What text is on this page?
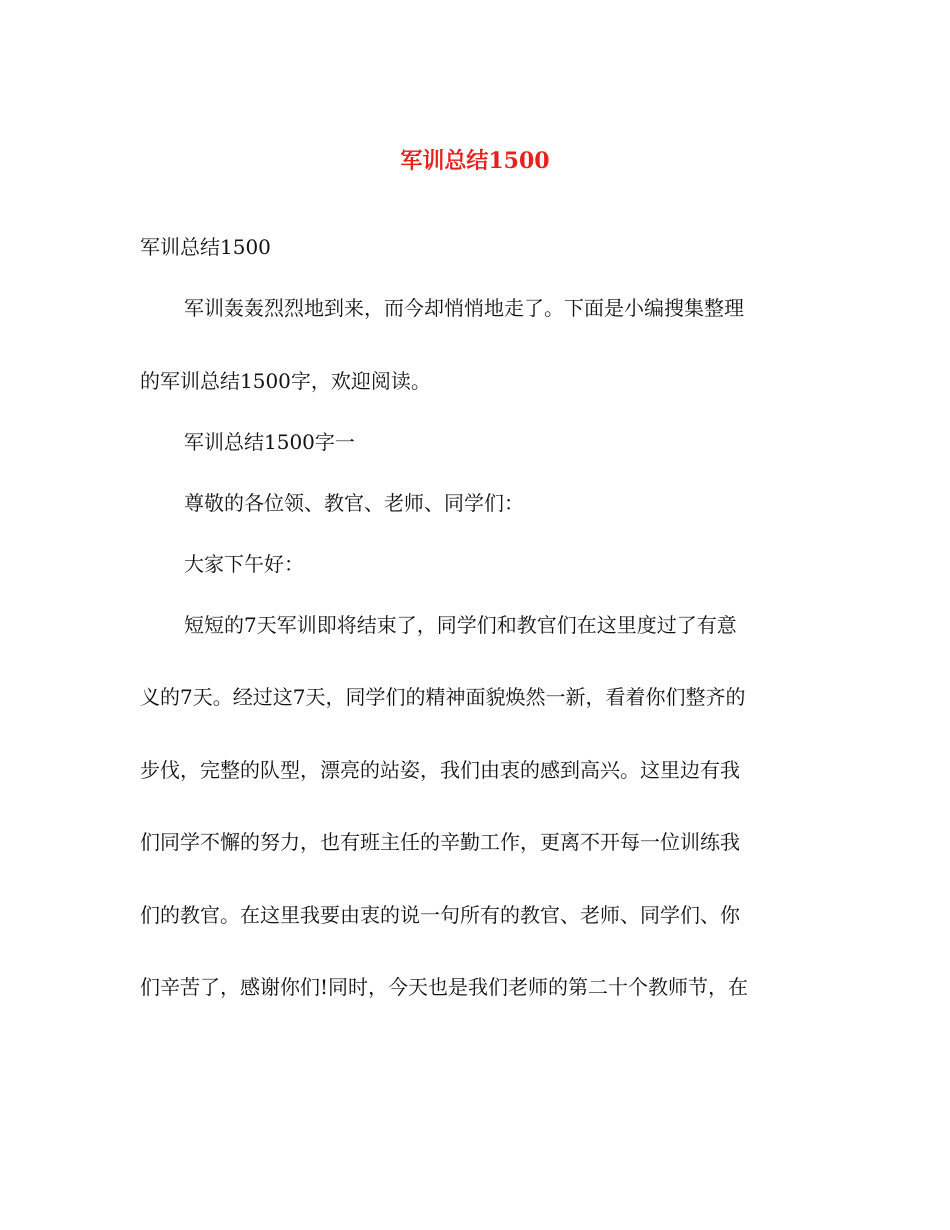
军训总结1500

军训总结1500

军训轰轰烈烈地到来，而今却悄悄地走了。下面是小编搜集整理

的军训总结1500字，欢迎阅读。

军训总结1500字一

尊敬的各位领、教官、老师、同学们：

大家下午好：

短短的7天军训即将结束了，同学们和教官们在这里度过了有意

义的7天。经过这7天，同学们的精神面貌焕然一新，看着你们整齐的

步伐，完整的队型，漂亮的站姿，我们由衷的感到高兴。这里边有我

们同学不懈的努力，也有班主任的辛勤工作，更离不开每一位训练我

们的教官。在这里我要由衷的说一句所有的教官、老师、同学们、你

们辛苦了，感谢你们!同时，今天也是我们老师的第二十个教师节，在
